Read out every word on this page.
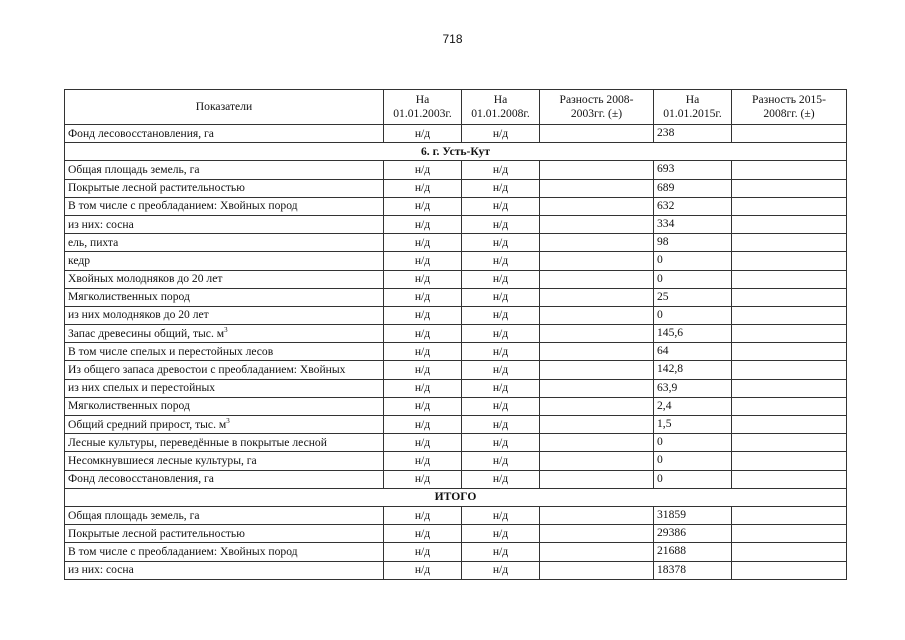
718
Показатели	На 01.01.2003г.	На 01.01.2008г.	Разность 2008-2003гг. (±)	На 01.01.2015г.	Разность 2015-2008гг. (±)
Фонд лесовосстановления, га	н/д	н/д		238	
6. г. Усть-Кут					
Общая площадь земель, га	н/д	н/д		693	
Покрытые лесной растительностью	н/д	н/д		689	
В том числе с преобладанием: Хвойных пород	н/д	н/д		632	
из них: сосна	н/д	н/д		334	
ель, пихта	н/д	н/д		98	
кедр	н/д	н/д		0	
Хвойных молодняков до 20 лет	н/д	н/д		0	
Мягколиственных пород	н/д	н/д		25	
из них молодняков до 20 лет	н/д	н/д		0	
Запас древесины общий, тыс. $м^3$	н/д	н/д		145,6	
В том числе спелых и перестойных лесов	н/д	н/д		64	
Из общего запаса древостои с преобладанием: Хвойных	н/д	н/д		142,8	
из них спелых и перестойных	н/д	н/д		63,9	
Мягколиственных пород	н/д	н/д		2,4	
Общий средний прирост, тыс. $м^3$	н/д	н/д		1,5	
Лесные культуры, переведённые в покрытые лесной	н/д	н/д		0	
Несомкнувшиеся лесные культуры, га	н/д	н/д		0	
Фонд лесовосстановления, га	н/д	н/д		0	
ИТОГО					
Общая площадь земель, га	н/д	н/д		31859	
Покрытые лесной растительностью	н/д	н/д		29386	
В том числе с преобладанием: Хвойных пород	н/д	н/д		21688	
из них: сосна	н/д	н/д		18378	
